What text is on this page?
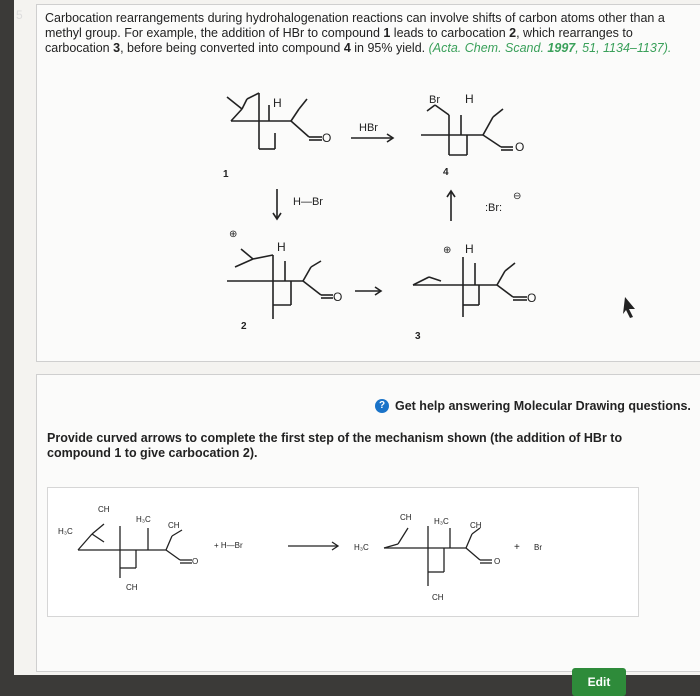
5 Carbocation rearrangements during hydrohalogenation reactions can involve shifts of carbon atoms other than a methyl group. For example, the addition of HBr to compound 1 leads to carbocation 2, which rearranges to carbocation 3, before being converted into compound 4 in 95% yield. (Acta. Chem. Scand. 1997, 51, 1134–1137).
H
O
1
HBr
Br H
O
4
H—Br	:Br:
⊖
⊕
H
O
2
⊕ H
O
3
? Get help answering Molecular Drawing questions.
Provide curved arrows to complete the first step of the mechanism shown (the addition of HBr to compound 1 to give carbocation 2).
CH
H₃C
H₃C
CH
O
CH
+ H—Br
CH
H₃C
H₃C	CH
O
CH
+ Br
Edit
